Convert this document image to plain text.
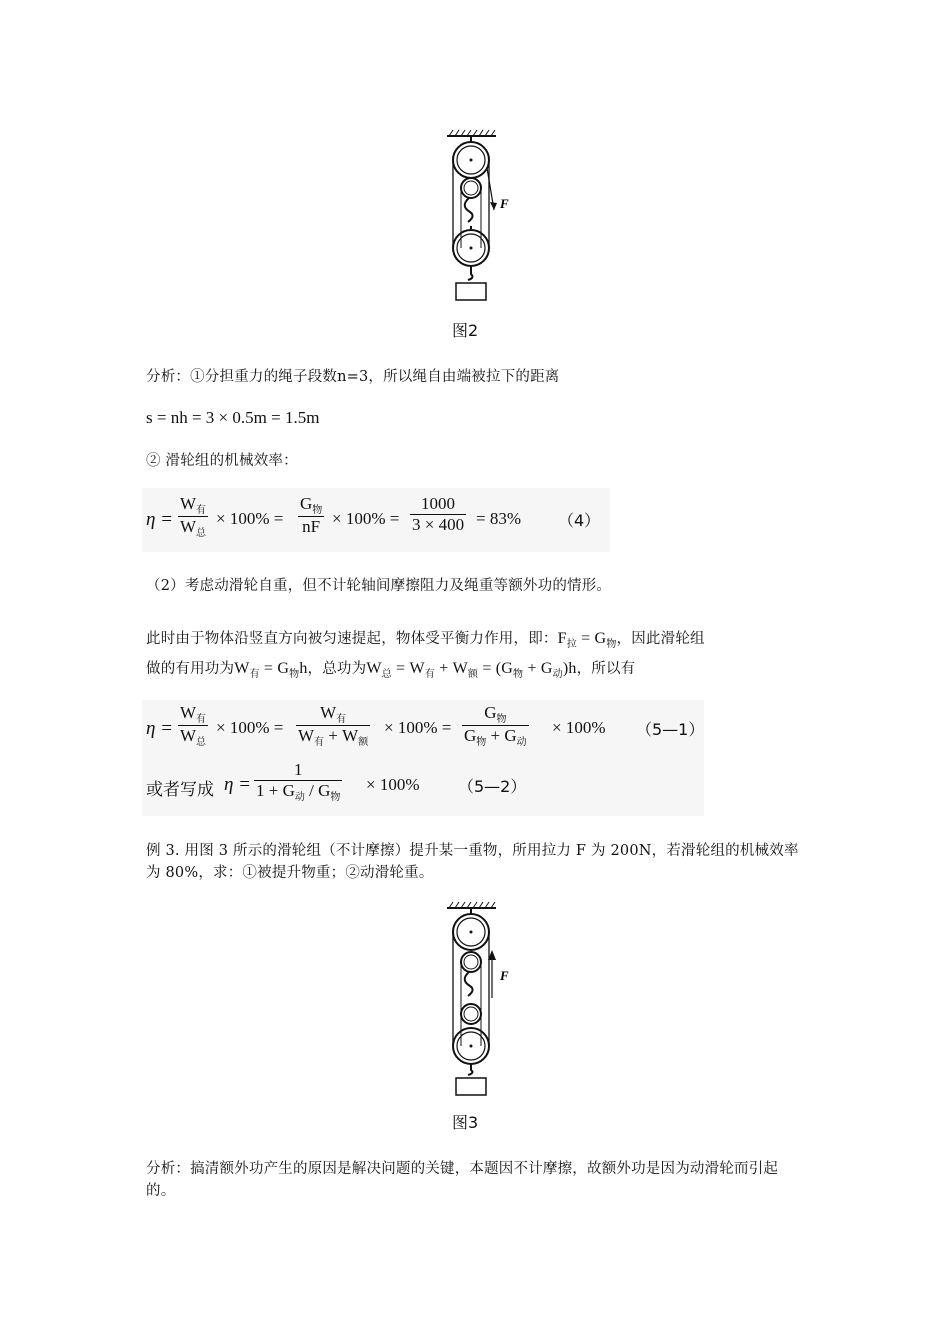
F
图2
分析：①分担重力的绳子段数n=3，所以绳自由端被拉下的距离
s = nh = 3 × 0.5m = 1.5m
② 滑轮组的机械效率：
η =
$W_有$
$W_总$
× 100% =
$G_物$
nF × $100\% = \frac{1000}{3 \times 400} = 83\%$ （4）
（2）考虑动滑轮自重，但不计轮轴间摩擦阻力及绳重等额外功的情形。
此时由于物体沿竖直方向被匀速提起，物体受平衡力作用，即：$F_拉 = G_物$，因此滑轮组
做的有用功为$W_有 = G_物h$，总功为$W_总 = W_有 + W_额 = (G_物 + G_动)h$，所以有
η =
$W_有$
$W_总$
× 100% =
$W_有$
$W_有 + W_额$
× 100% =
$G_物$
$G_物 + G_动$
× 100% （5—1）
或者写成 η =
1
$1 + G_动 / G_物$
× 100% （5—2）
例 3. 用图 3 所示的滑轮组（不计摩擦）提升某一重物，所用拉力 F 为 200N，若滑轮组的机械效率为 80%，求：①被提升物重；②动滑轮重。
F
图3
分析：搞清额外功产生的原因是解决问题的关键，本题因不计摩擦，故额外功是因为动滑轮而引起的。
